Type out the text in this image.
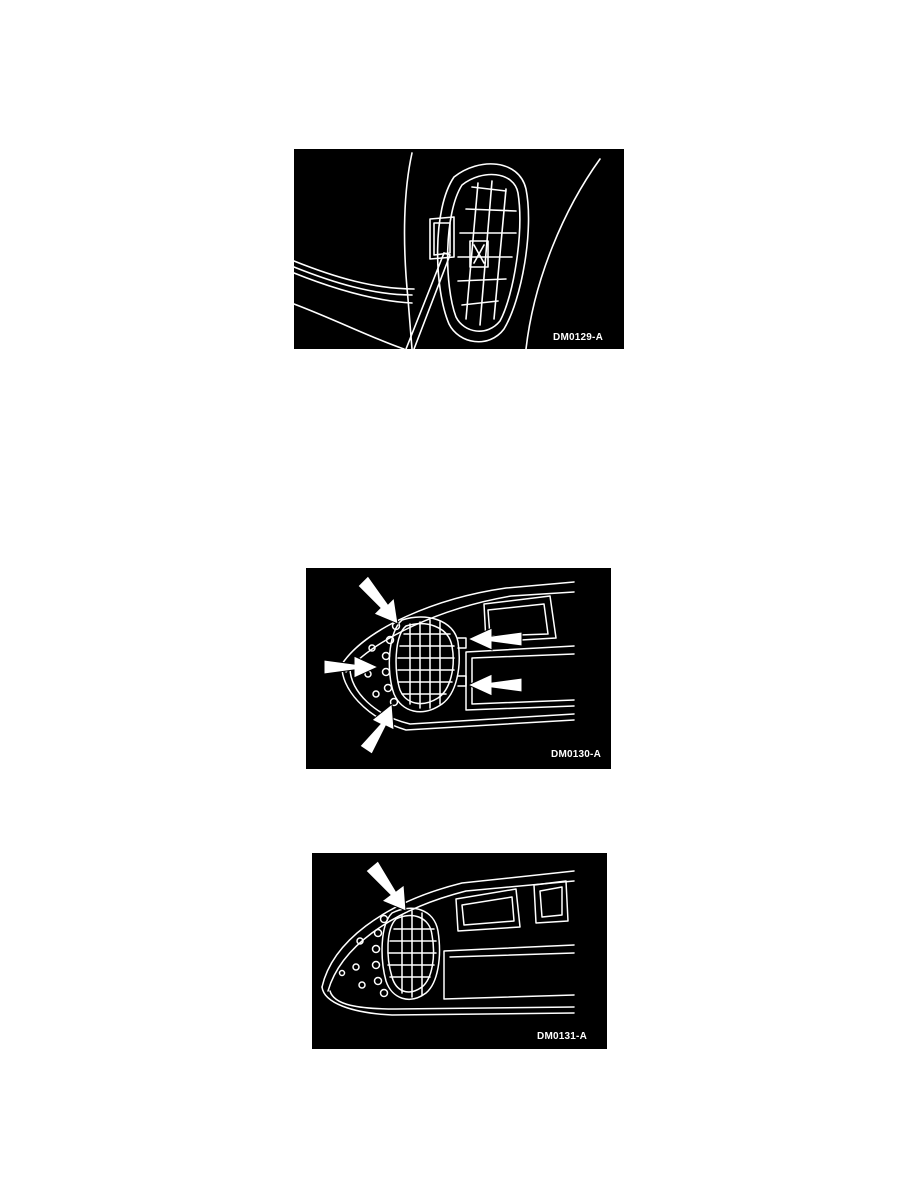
DM0129-A
DM0130-A
DM0131-A
